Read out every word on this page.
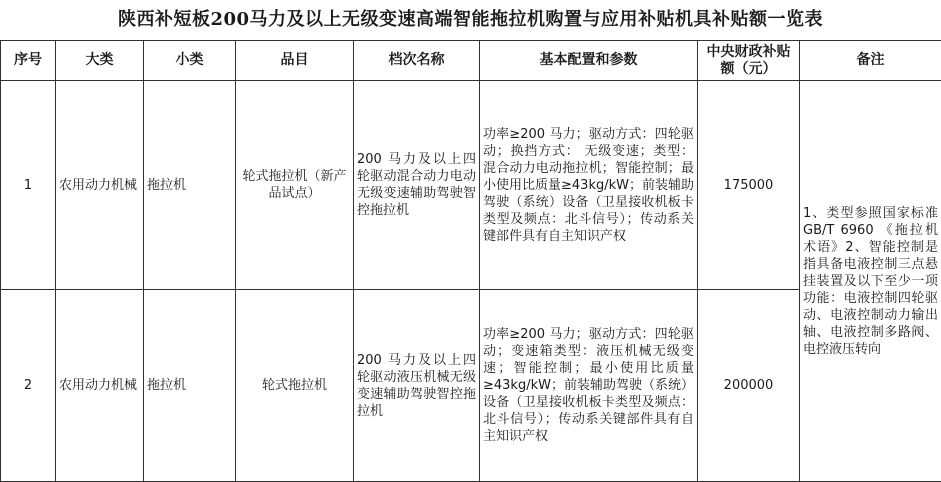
陕西补短板200马力及以上无级变速高端智能拖拉机购置与应用补贴机具补贴额一览表
序号	大类	小类	品目	档次名称	基本配置和参数	中央财政补贴额（元）	备注
1	农用动力机械	拖拉机	轮式拖拉机（新产品试点）	200 马力及以上四轮驱动混合动力电动无级变速辅助驾驶智控拖拉机	功率≥200 马力；驱动方式：四轮驱动；换挡方式： 无级变速；类型：混合动力电动拖拉机；智能控制；最小使用比质量≥43kg/kW；前装辅助驾驶（系统）设备（卫星接收机板卡类型及频点：北斗信号）；传动系关键部件具有自主知识产权	175000	1、类型参照国家标准 GB/T 6960 《拖拉机术语》2、智能控制是指具备电液控制三点悬挂装置及以下至少一项功能：电液控制四轮驱动、电液控制动力输出轴、电液控制多路阀、电控液压转向
2	农用动力机械	拖拉机	轮式拖拉机	200 马力及以上四轮驱动液压机械无级变速辅助驾驶智控拖拉机	功率≥200 马力；驱动方式：四轮驱动；变速箱类型：液压机械无级变速；智能控制；最小使用比质量≥43kg/kW；前装辅助驾驶（系统）设备（卫星接收机板卡类型及频点：北斗信号）；传动系关键部件具有自主知识产权	200000	
